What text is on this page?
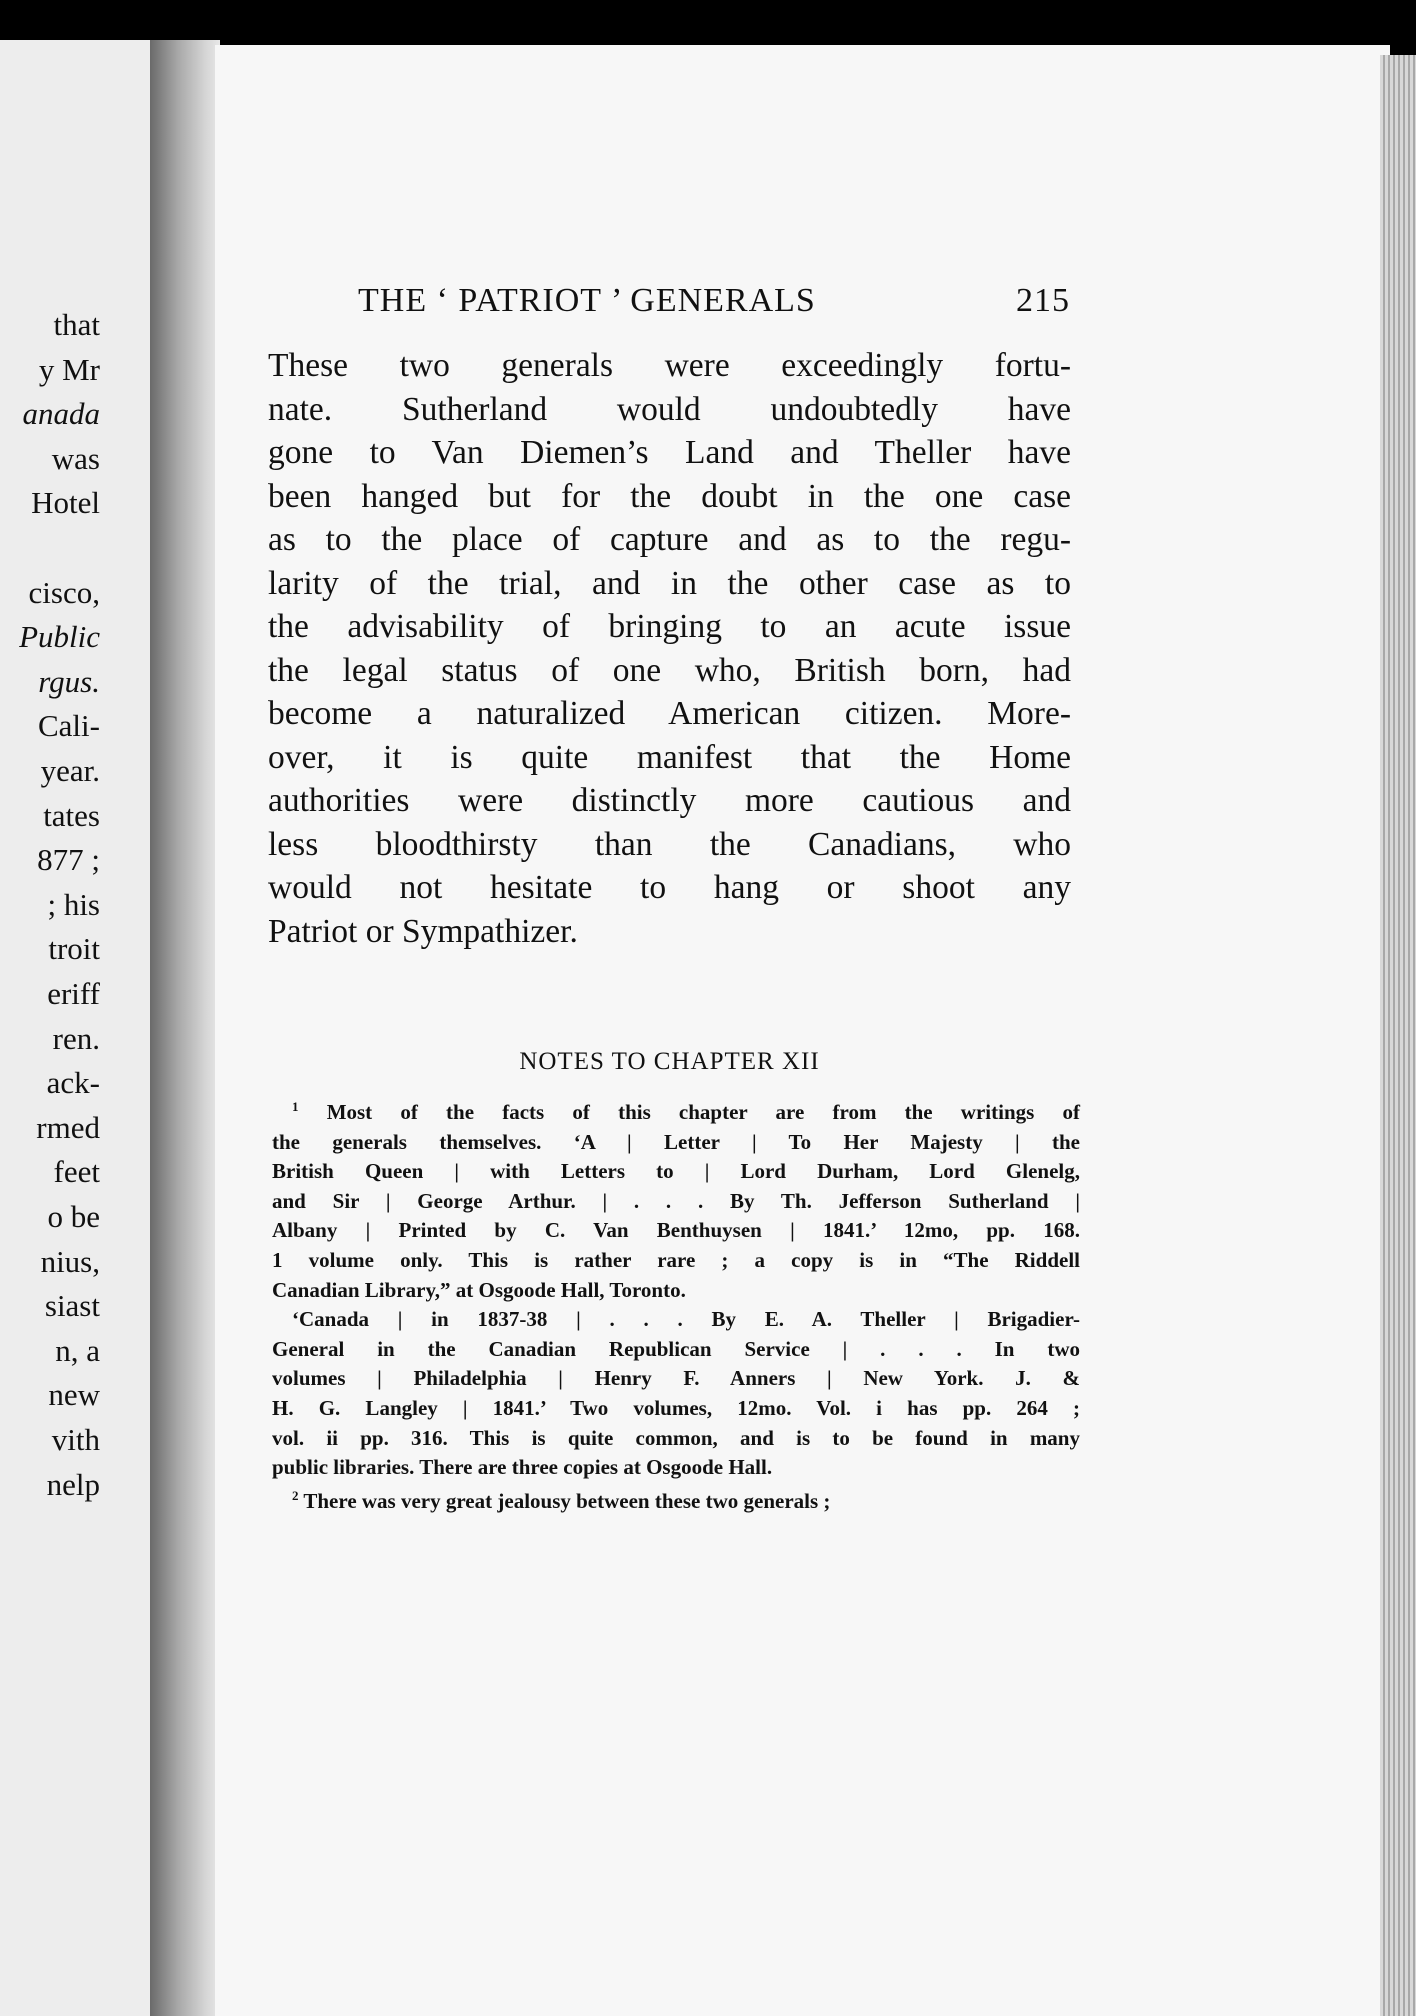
that
y Mr
anada
was
Hotel
cisco,
Public
rgus.
Cali-
year.
tates
877 ;
; his
troit
eriff
ren.
ack-
rmed
feet
o be
nius,
siast
n, a
new
vith
nelp
THE ‘ PATRIOT ’ GENERALS	215
These two generals were exceedingly fortu-
nate. Sutherland would undoubtedly have
gone to Van Diemen’s Land and Theller have
been hanged but for the doubt in the one case
as to the place of capture and as to the regu-
larity of the trial, and in the other case as to
the advisability of bringing to an acute issue
the legal status of one who, British born, had
become a naturalized American citizen. More-
over, it is quite manifest that the Home
authorities were distinctly more cautious and
less bloodthirsty than the Canadians, who
would not hesitate to hang or shoot any
Patriot or Sympathizer.
NOTES TO CHAPTER XII
$^1$ Most of the facts of this chapter are from the writings of
the generals themselves. ‘A | Letter | To Her Majesty | the
British Queen | with Letters to | Lord Durham, Lord Glenelg,
and Sir | George Arthur. | . . . By Th. Jefferson Sutherland |
Albany | Printed by C. Van Benthuysen | 1841.’ 12mo, pp. 168.
1 volume only. This is rather rare ; a copy is in “The Riddell
Canadian Library,” at Osgoode Hall, Toronto.
‘Canada | in 1837-38 | . . . By E. A. Theller | Brigadier-
General in the Canadian Republican Service | . . . In two
volumes | Philadelphia | Henry F. Anners | New York. J. &
H. G. Langley | 1841.’ Two volumes, 12mo. Vol. i has pp. 264 ;
vol. ii pp. 316. This is quite common, and is to be found in many
public libraries. There are three copies at Osgoode Hall.
$^2$ There was very great jealousy between these two generals ;
